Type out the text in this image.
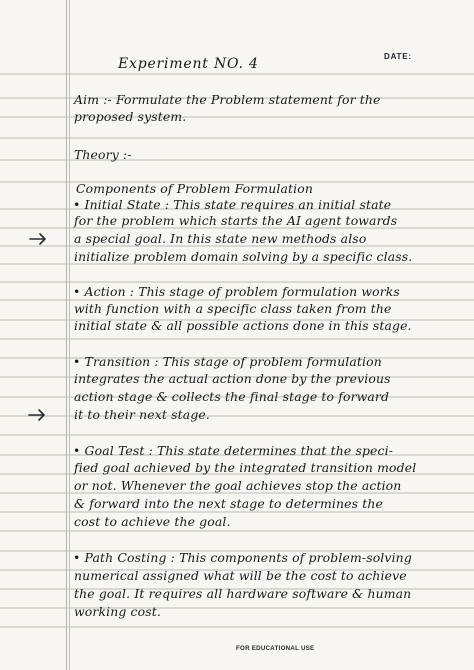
DATE:
Experiment NO. 4
Aim :- Formulate the Problem statement for the
proposed system.
Theory :-
Components of Problem Formulation
• Initial State : This state requires an initial state
for the problem which starts the AI agent towards
a special goal. In this state new methods also
initialize problem domain solving by a specific class.
• Action : This stage of problem formulation works
with function with a specific class taken from the
initial state & all possible actions done in this stage.
• Transition : This stage of problem formulation
integrates the actual action done by the previous
action stage & collects the final stage to forward
it to their next stage.
• Goal Test : This state determines that the speci-
fied goal achieved by the integrated transition model
or not. Whenever the goal achieves stop the action
& forward into the next stage to determines the
cost to achieve the goal.
• Path Costing : This components of problem-solving
numerical assigned what will be the cost to achieve
the goal. It requires all hardware software & human
working cost.
FOR EDUCATIONAL USE
